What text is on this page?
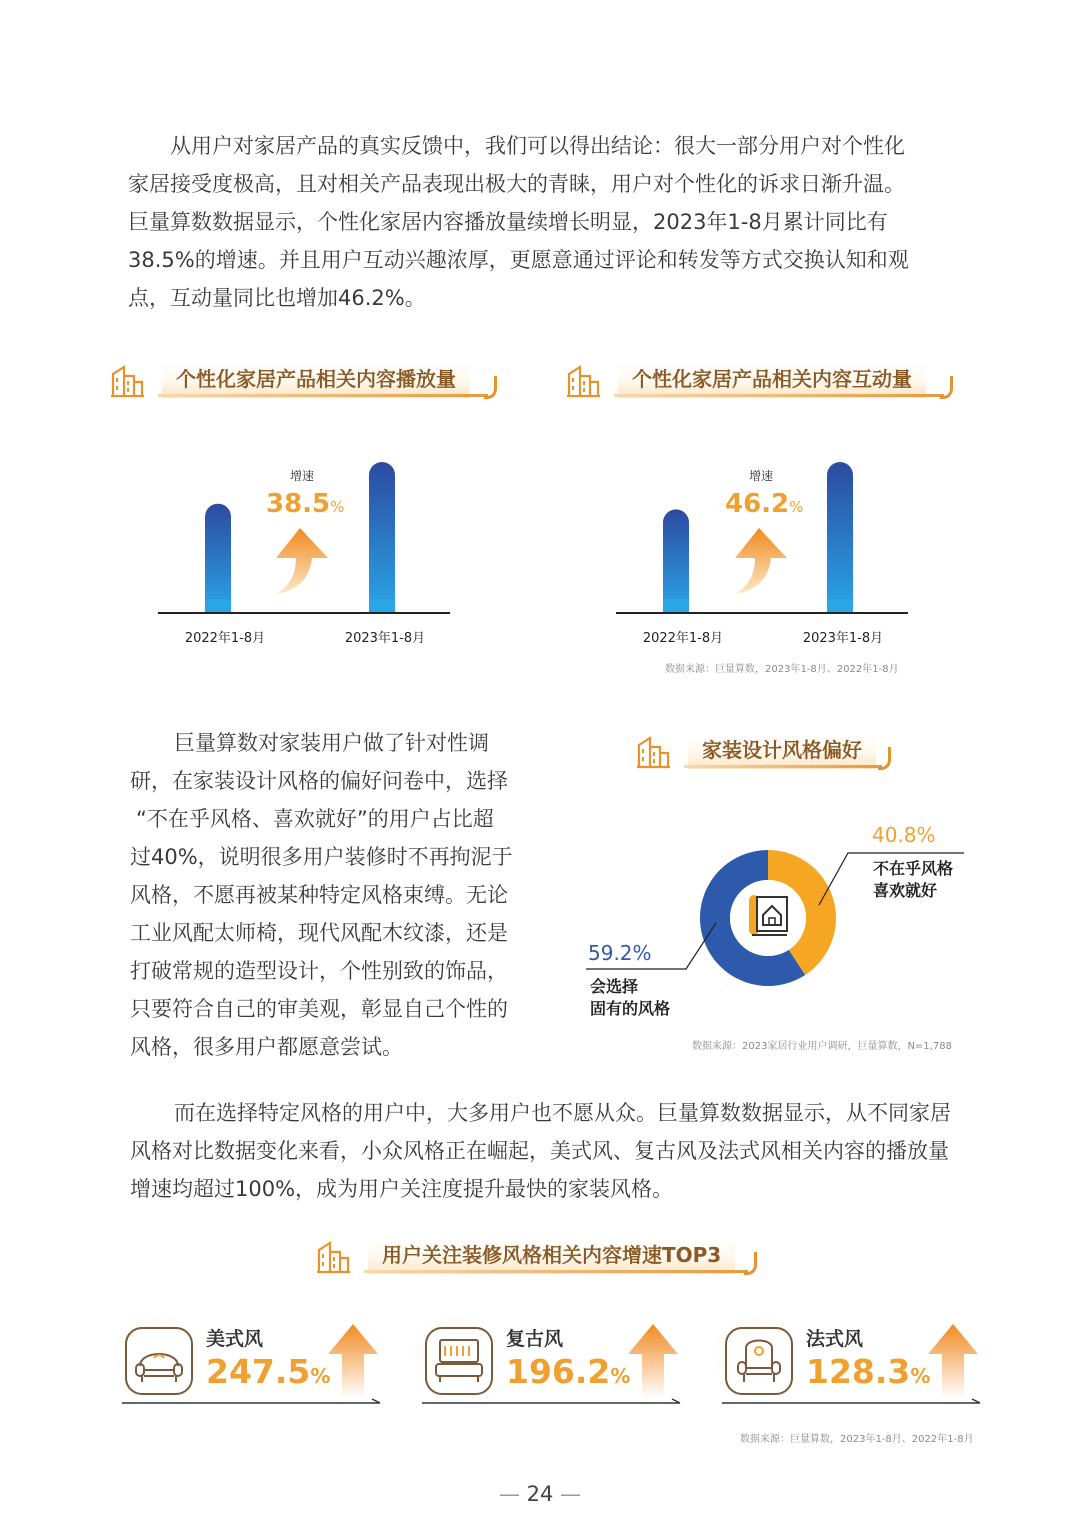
从用户对家居产品的真实反馈中，我们可以得出结论：很大一部分用户对个性化
家居接受度极高，且对相关产品表现出极大的青睐，用户对个性化的诉求日渐升温。
巨量算数数据显示，个性化家居内容播放量续增长明显，2023年1-8月累计同比有
38.5%的增速。并且用户互动兴趣浓厚，更愿意通过评论和转发等方式交换认知和观
点，互动量同比也增加46.2%。
个性化家居产品相关内容播放量	个性化家居产品相关内容互动量
2022年1-8月	2023年1-8月
增速
38.5%
2022年1-8月	2023年1-8月
增速
46.2%
数据来源：巨量算数，2023年1-8月、2022年1-8月
巨量算数对家装用户做了针对性调
研，在家装设计风格的偏好问卷中，选择
“不在乎风格、喜欢就好”的用户占比超
过40%，说明很多用户装修时不再拘泥于
风格，不愿再被某种特定风格束缚。无论
工业风配太师椅，现代风配木纹漆，还是
打破常规的造型设计，个性别致的饰品，
只要符合自己的审美观，彰显自己个性的
风格，很多用户都愿意尝试。
家装设计风格偏好
40.8%
不在乎风格
喜欢就好
59.2%
会选择
固有的风格
数据来源：2023家居行业用户调研，巨量算数，N=1,788
而在选择特定风格的用户中，大多用户也不愿从众。巨量算数数据显示，从不同家居
风格对比数据变化来看，小众风格正在崛起，美式风、复古风及法式风相关内容的播放量
增速均超过100%，成为用户关注度提升最快的家装风格。
用户关注装修风格相关内容增速TOP3
美式风
247.5%
复古风
196.2%
法式风
128.3%
数据来源：巨量算数，2023年1-8月、2022年1-8月
— 24 —
